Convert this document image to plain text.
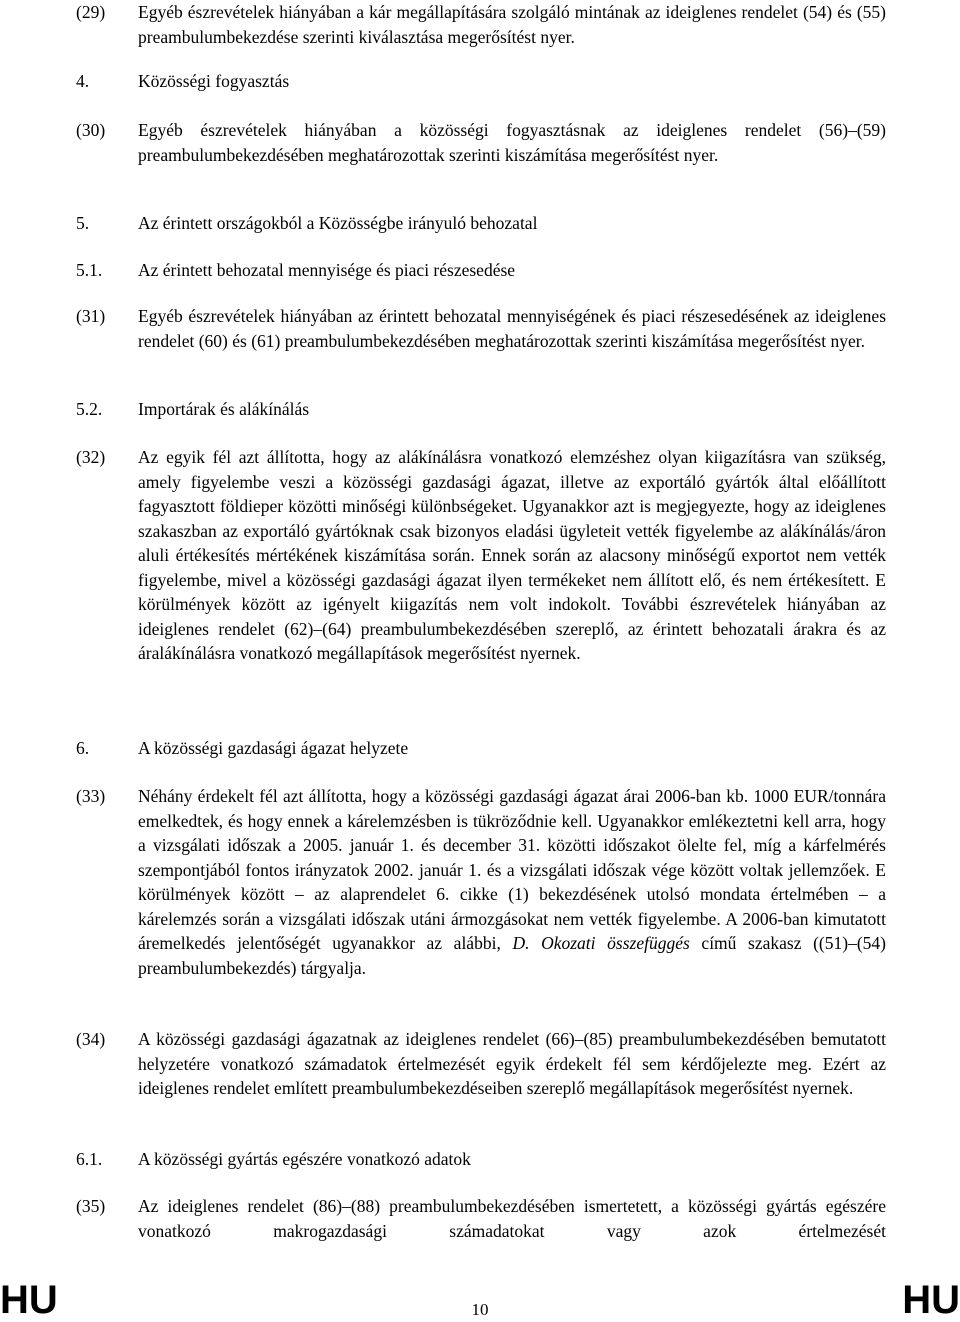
(29)	Egyéb észrevételek hiányában a kár megállapítására szolgáló mintának az ideiglenes rendelet (54) és (55) preambulumbekezdése szerinti kiválasztása megerősítést nyer.
4.	Közösségi fogyasztás
(30)	Egyéb észrevételek hiányában a közösségi fogyasztásnak az ideiglenes rendelet (56)–(59) preambulumbekezdésében meghatározottak szerinti kiszámítása megerősítést nyer.
5.	Az érintett országokból a Közösségbe irányuló behozatal
5.1.	Az érintett behozatal mennyisége és piaci részesedése
(31)	Egyéb észrevételek hiányában az érintett behozatal mennyiségének és piaci részesedésének az ideiglenes rendelet (60) és (61) preambulumbekezdésében meghatározottak szerinti kiszámítása megerősítést nyer.
5.2.	Importárak és alákínálás
(32)	Az egyik fél azt állította, hogy az alákínálásra vonatkozó elemzéshez olyan kiigazításra van szükség, amely figyelembe veszi a közösségi gazdasági ágazat, illetve az exportáló gyártók által előállított fagyasztott földieper közötti minőségi különbségeket. Ugyanakkor azt is megjegyezte, hogy az ideiglenes szakaszban az exportáló gyártóknak csak bizonyos eladási ügyleteit vették figyelembe az alákínálás/áron aluli értékesítés mértékének kiszámítása során. Ennek során az alacsony minőségű exportot nem vették figyelembe, mivel a közösségi gazdasági ágazat ilyen termékeket nem állított elő, és nem értékesített. E körülmények között az igényelt kiigazítás nem volt indokolt. További észrevételek hiányában az ideiglenes rendelet (62)–(64) preambulumbekezdésében szereplő, az érintett behozatali árakra és az áralákínálásra vonatkozó megállapítások megerősítést nyernek.
6.	A közösségi gazdasági ágazat helyzete
(33)	Néhány érdekelt fél azt állította, hogy a közösségi gazdasági ágazat árai 2006-ban kb. 1000 EUR/tonnára emelkedtek, és hogy ennek a kárelemzésben is tükröződnie kell. Ugyanakkor emlékeztetni kell arra, hogy a vizsgálati időszak a 2005. január 1. és december 31. közötti időszakot ölelte fel, míg a kárfelmérés szempontjából fontos irányzatok 2002. január 1. és a vizsgálati időszak vége között voltak jellemzőek. E körülmények között – az alaprendelet 6. cikke (1) bekezdésének utolsó mondata értelmében – a kárelemzés során a vizsgálati időszak utáni ármozgásokat nem vették figyelembe. A 2006-ban kimutatott áremelkedés jelentőségét ugyanakkor az alábbi, D. Okozati összefüggés című szakasz ((51)–(54) preambulumbekezdés) tárgyalja.
(34)	A közösségi gazdasági ágazatnak az ideiglenes rendelet (66)–(85) preambulumbekezdésében bemutatott helyzetére vonatkozó számadatok értelmezését egyik érdekelt fél sem kérdőjelezte meg. Ezért az ideiglenes rendelet említett preambulumbekezdéseiben szereplő megállapítások megerősítést nyernek.
6.1.	A közösségi gyártás egészére vonatkozó adatok
(35)	Az ideiglenes rendelet (86)–(88) preambulumbekezdésében ismertetett, a közösségi gyártás egészére vonatkozó makrogazdasági számadatokat vagy azok értelmezését
HU	10	HU
